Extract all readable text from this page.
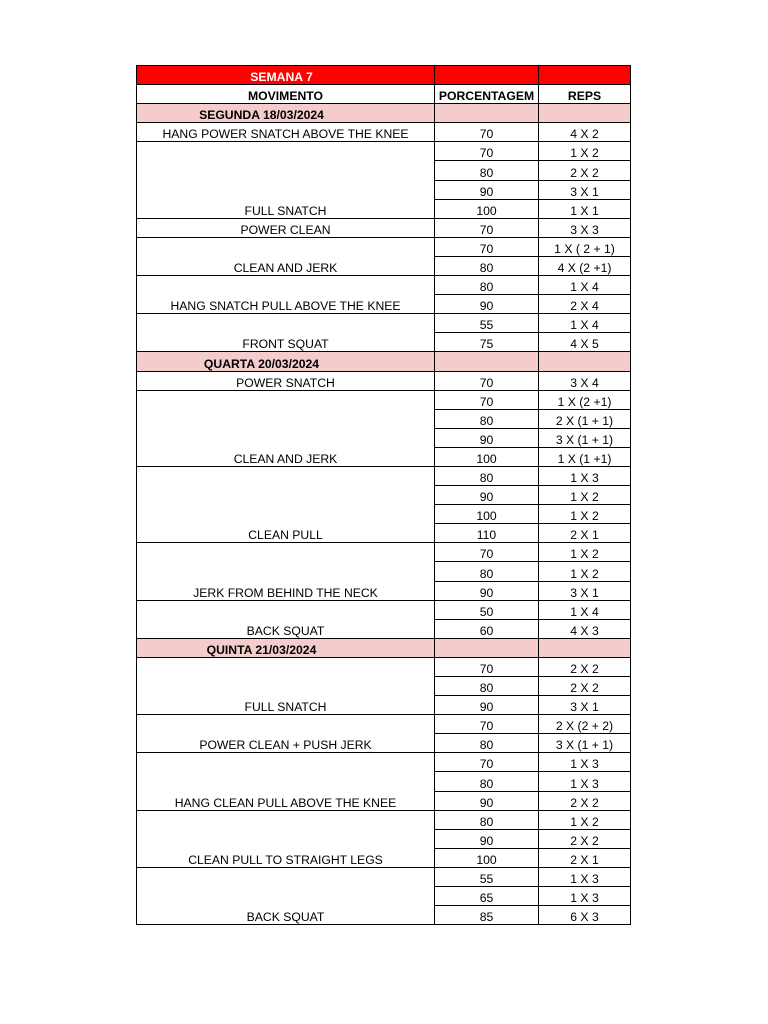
SEMANA 7		
MOVIMENTO	PORCENTAGEM	REPS
SEGUNDA 18/03/2024		
HANG POWER SNATCH ABOVE THE KNEE	70	4 X 2
FULL SNATCH	70	1 X 2
	80	2 X 2
	90	3 X 1
	100	1 X 1
POWER CLEAN	70	3 X 3
CLEAN AND JERK	70	1 X ( 2 + 1)
	80	4 X (2 +1)
HANG SNATCH PULL ABOVE THE KNEE	80	1 X 4
	90	2 X 4
FRONT SQUAT	55	1 X 4
	75	4 X 5
QUARTA 20/03/2024		
POWER SNATCH	70	3 X 4
CLEAN AND JERK	70	1 X (2 +1)
	80	2 X (1 + 1)
	90	3 X (1 + 1)
	100	1 X (1 +1)
CLEAN PULL	80	1 X 3
	90	1 X 2
	100	1 X 2
	110	2 X 1
JERK FROM BEHIND THE NECK	70	1 X 2
	80	1 X 2
	90	3 X 1
BACK SQUAT	50	1 X 4
	60	4 X 3
QUINTA 21/03/2024		
FULL SNATCH	70	2 X 2
	80	2 X 2
	90	3 X 1
POWER CLEAN + PUSH JERK	70	2 X (2 + 2)
	80	3 X (1 + 1)
HANG CLEAN PULL ABOVE THE KNEE	70	1 X 3
	80	1 X 3
	90	2 X 2
CLEAN PULL TO STRAIGHT LEGS	80	1 X 2
	90	2 X 2
	100	2 X 1
BACK SQUAT	55	1 X 3
	65	1 X 3
	85	6 X 3
